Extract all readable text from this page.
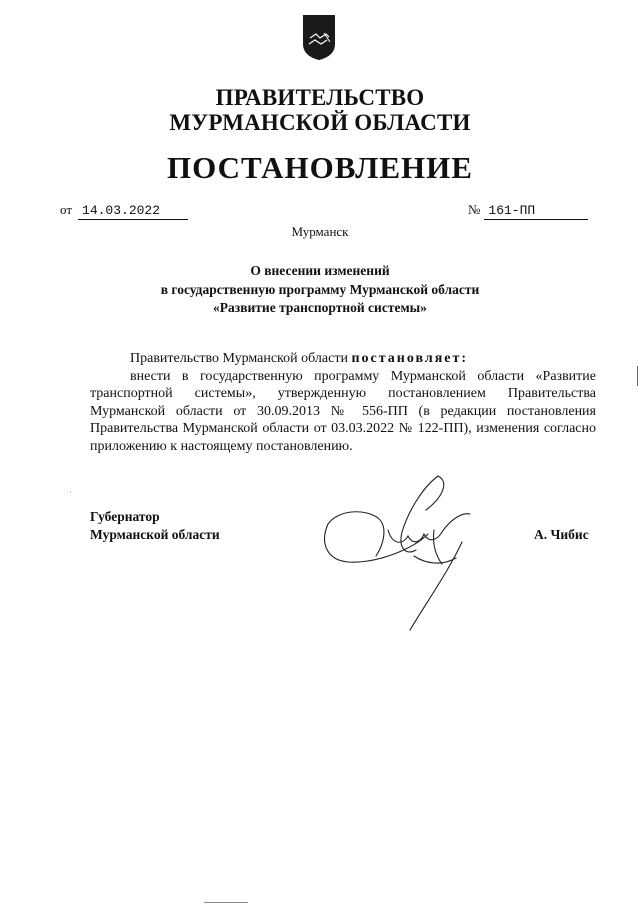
ПРАВИТЕЛЬСТВО
МУРМАНСКОЙ ОБЛАСТИ
ПОСТАНОВЛЕНИЕ
от 14.03.2022	№ 161-ПП
Мурманск
О внесении изменений
в государственную программу Мурманской области
«Развитие транспортной системы»

Правительство Мурманской области постановляет:

внести в государственную программу Мурманской области «Развитие транспортной системы», утвержденную постановлением Правительства Мурманской области от 30.09.2013 № 556-ПП (в редакции постановления Правительства Мурманской области от 03.03.2022 № 122-ПП), изменения согласно приложению к настоящему постановлению.

Губернатор
Мурманской области	А. Чибис
